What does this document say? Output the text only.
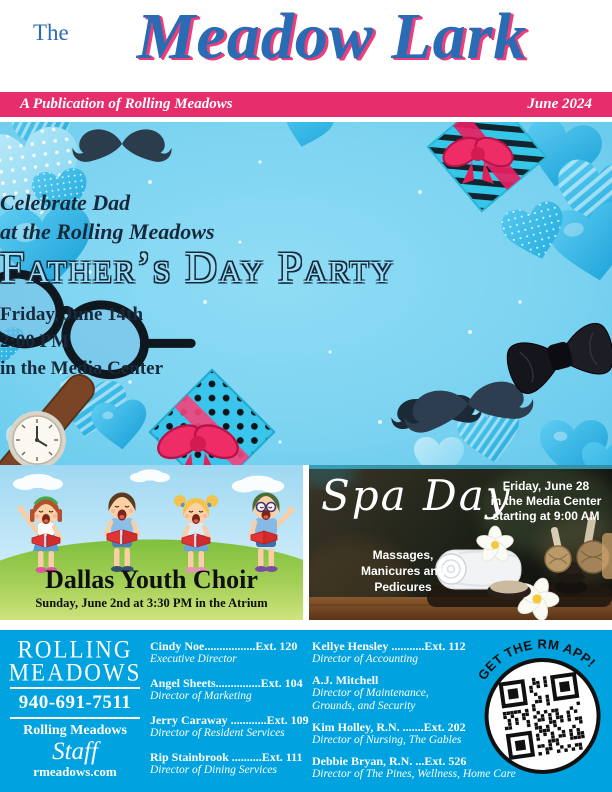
The	Meadow Lark
A Publication of Rolling Meadows	June 2024
Celebrate Dad
at the Rolling Meadows
Father’s Day Party
Friday, June 14th
2:00 PM
in the Media Center
Dallas Youth Choir
Sunday, June 2nd at 3:30 PM in the Atrium
Spa Day
Friday, June 28
in the Media Center
starting at 9:00 AM
Massages,
Manicures and
Pedicures
ROLLING
MEADOWS
940-691-7511
Rolling Meadows
Staff
rmeadows.com
Cindy Noe.................Ext. 120
Executive Director
Angel Sheets...............Ext. 104
Director of Marketing
Jerry Caraway ............Ext. 109
Director of Resident Services
Rip Stainbrook ..........Ext. 111
Director of Dining Services
Kellye Hensley ...........Ext. 112
Director of Accounting
A.J. Mitchell
Director of Maintenance, Grounds, and Security
Kim Holley, R.N. .......Ext. 202
Director of Nursing, The Gables
Debbie Bryan, R.N. ...Ext. 526
Director of The Pines, Wellness, Home Care
GET THE RM APP!
